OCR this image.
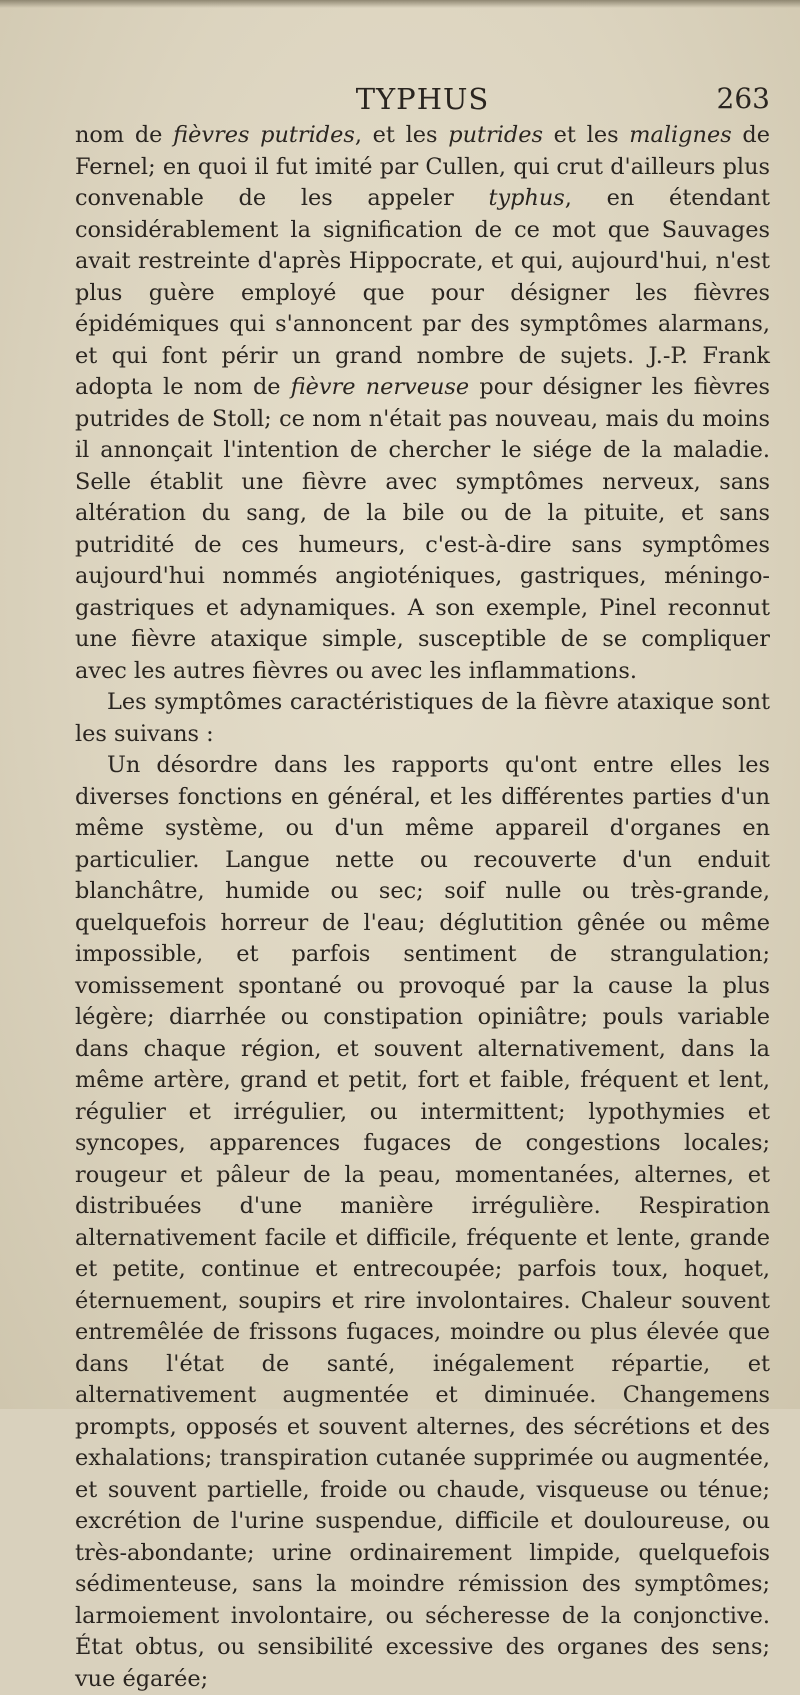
TYPHUS	263

nom de fièvres putrides, et les putrides et les malignes de Fernel; en quoi il fut imité par Cullen, qui crut d'ailleurs plus convenable de les appeler typhus, en étendant considérablement la signification de ce mot que Sauvages avait restreinte d'après Hippocrate, et qui, aujourd'hui, n'est plus guère employé que pour désigner les fièvres épidémiques qui s'annoncent par des symptômes alarmans, et qui font périr un grand nombre de sujets. J.-P. Frank adopta le nom de fièvre nerveuse pour désigner les fièvres putrides de Stoll; ce nom n'était pas nouveau, mais du moins il annonçait l'intention de chercher le siége de la maladie. Selle établit une fièvre avec symptômes nerveux, sans altération du sang, de la bile ou de la pituite, et sans putridité de ces humeurs, c'est-à-dire sans symptômes aujourd'hui nommés angioténiques, gastriques, méningo-gastriques et adynamiques. A son exemple, Pinel reconnut une fièvre ataxique simple, susceptible de se compliquer avec les autres fièvres ou avec les inflammations.

Les symptômes caractéristiques de la fièvre ataxique sont les suivans :

Un désordre dans les rapports qu'ont entre elles les diverses fonctions en général, et les différentes parties d'un même système, ou d'un même appareil d'organes en particulier. Langue nette ou recouverte d'un enduit blanchâtre, humide ou sec; soif nulle ou très-grande, quelquefois horreur de l'eau; déglutition gênée ou même impossible, et parfois sentiment de strangulation; vomissement spontané ou provoqué par la cause la plus légère; diarrhée ou constipation opiniâtre; pouls variable dans chaque région, et souvent alternativement, dans la même artère, grand et petit, fort et faible, fréquent et lent, régulier et irrégulier, ou intermittent; lypothymies et syncopes, apparences fugaces de congestions locales; rougeur et pâleur de la peau, momentanées, alternes, et distribuées d'une manière irrégulière. Respiration alternativement facile et difficile, fréquente et lente, grande et petite, continue et entrecoupée; parfois toux, hoquet, éternuement, soupirs et rire involontaires. Chaleur souvent entremêlée de frissons fugaces, moindre ou plus élevée que dans l'état de santé, inégalement répartie, et alternativement augmentée et diminuée. Changemens prompts, opposés et souvent alternes, des sécrétions et des exhalations; transpiration cutanée supprimée ou augmentée, et souvent partielle, froide ou chaude, visqueuse ou ténue; excrétion de l'urine suspendue, difficile et douloureuse, ou très-abondante; urine ordinairement limpide, quelquefois sédimenteuse, sans la moindre rémission des symptômes; larmoiement involontaire, ou sécheresse de la conjonctive. État obtus, ou sensibilité excessive des organes des sens; vue égarée;
